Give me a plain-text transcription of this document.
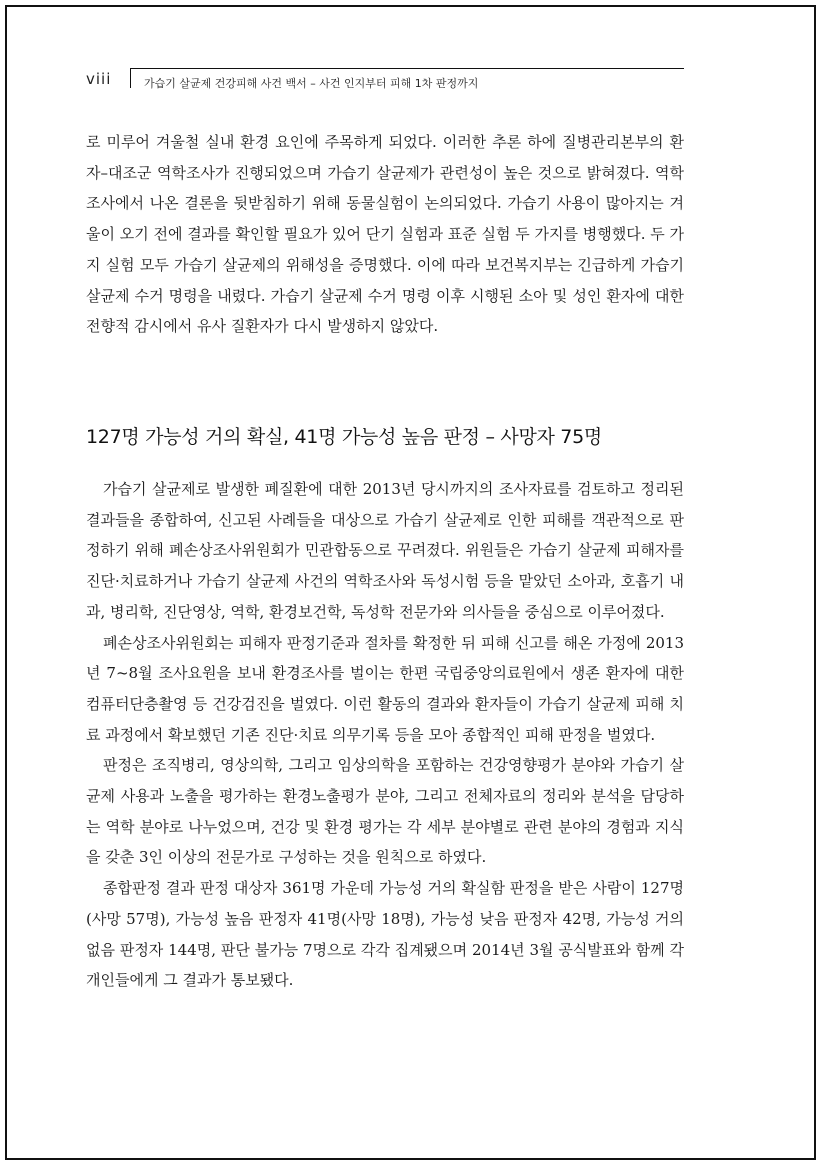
viii	가습기 살균제 건강피해 사건 백서 – 사건 인지부터 피해 1차 판정까지

로 미루어 겨울철 실내 환경 요인에 주목하게 되었다. 이러한 추론 하에 질병관리본부의 환자–대조군 역학조사가 진행되었으며 가습기 살균제가 관련성이 높은 것으로 밝혀졌다. 역학조사에서 나온 결론을 뒷받침하기 위해 동물실험이 논의되었다. 가습기 사용이 많아지는 겨울이 오기 전에 결과를 확인할 필요가 있어 단기 실험과 표준 실험 두 가지를 병행했다. 두 가지 실험 모두 가습기 살균제의 위해성을 증명했다. 이에 따라 보건복지부는 긴급하게 가습기 살균제 수거 명령을 내렸다. 가습기 살균제 수거 명령 이후 시행된 소아 및 성인 환자에 대한 전향적 감시에서 유사 질환자가 다시 발생하지 않았다.

127명 가능성 거의 확실, 41명 가능성 높음 판정 – 사망자 75명

가습기 살균제로 발생한 폐질환에 대한 2013년 당시까지의 조사자료를 검토하고 정리된 결과들을 종합하여, 신고된 사례들을 대상으로 가습기 살균제로 인한 피해를 객관적으로 판정하기 위해 폐손상조사위원회가 민관합동으로 꾸려졌다. 위원들은 가습기 살균제 피해자를 진단·치료하거나 가습기 살균제 사건의 역학조사와 독성시험 등을 맡았던 소아과, 호흡기 내과, 병리학, 진단영상, 역학, 환경보건학, 독성학 전문가와 의사들을 중심으로 이루어졌다.

폐손상조사위원회는 피해자 판정기준과 절차를 확정한 뒤 피해 신고를 해온 가정에 2013년 7~8월 조사요원을 보내 환경조사를 벌이는 한편 국립중앙의료원에서 생존 환자에 대한 컴퓨터단층촬영 등 건강검진을 벌였다. 이런 활동의 결과와 환자들이 가습기 살균제 피해 치료 과정에서 확보했던 기존 진단·치료 의무기록 등을 모아 종합적인 피해 판정을 벌였다.

판정은 조직병리, 영상의학, 그리고 임상의학을 포함하는 건강영향평가 분야와 가습기 살균제 사용과 노출을 평가하는 환경노출평가 분야, 그리고 전체자료의 정리와 분석을 담당하는 역학 분야로 나누었으며, 건강 및 환경 평가는 각 세부 분야별로 관련 분야의 경험과 지식을 갖춘 3인 이상의 전문가로 구성하는 것을 원칙으로 하였다.

종합판정 결과 판정 대상자 361명 가운데 가능성 거의 확실함 판정을 받은 사람이 127명(사망 57명), 가능성 높음 판정자 41명(사망 18명), 가능성 낮음 판정자 42명, 가능성 거의 없음 판정자 144명, 판단 불가능 7명으로 각각 집계됐으며 2014년 3월 공식발표와 함께 각 개인들에게 그 결과가 통보됐다.
